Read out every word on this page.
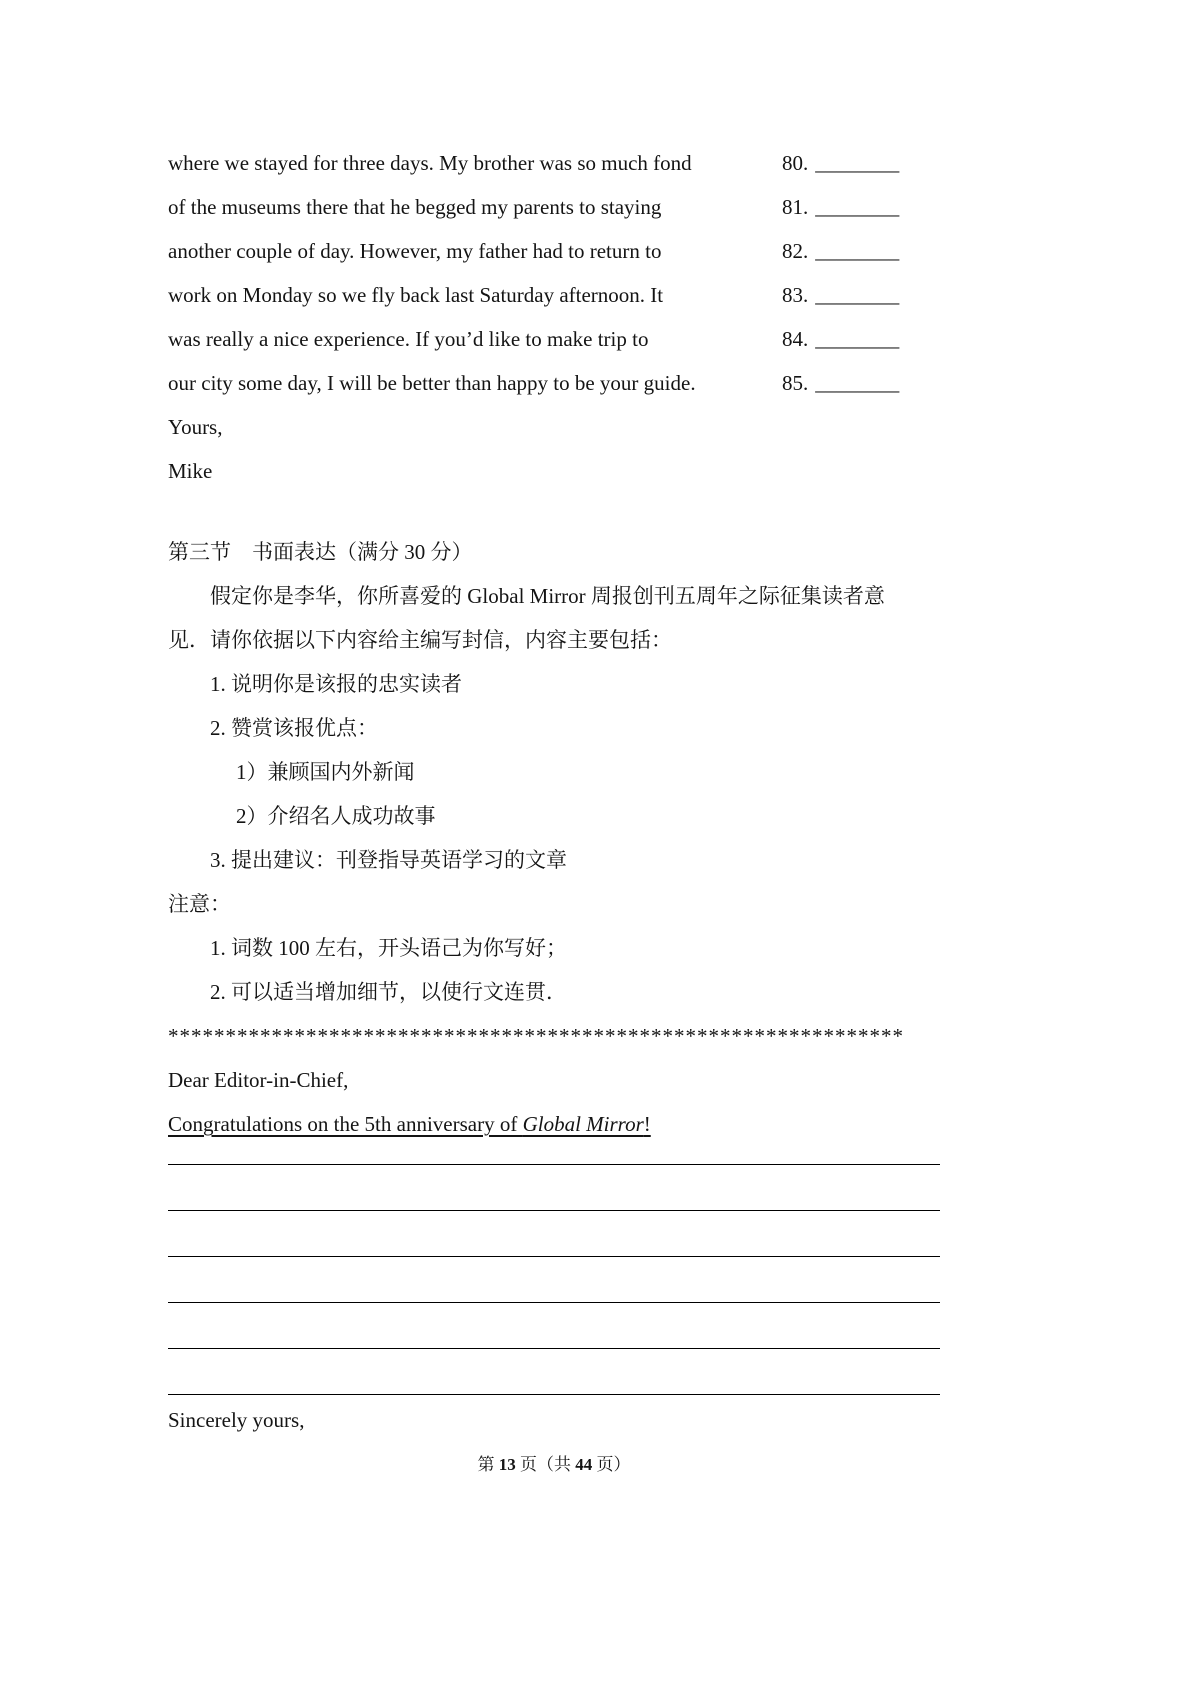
where we stayed for three days. My brother was so much fond	80. ________
of the museums there that he begged my parents to staying	81. ________
another couple of day. However, my father had to return to	82. ________
work on Monday so we fly back last Saturday afternoon. It	83. ________
was really a nice experience. If you’d like to make trip to	84. ________
our city some day, I will be better than happy to be your guide.	85. ________
Yours,
Mike
第三节　书面表达（满分 30 分）
假定你是李华，你所喜爱的 Global Mirror 周报创刊五周年之际征集读者意
见．请你依据以下内容给主编写封信，内容主要包括：
1. 说明你是该报的忠实读者
2. 赞赏该报优点：
1）兼顾国内外新闻
2）介绍名人成功故事
3. 提出建议：刊登指导英语学习的文章
注意：
1. 词数 100 左右，开头语己为你写好；
2. 可以适当增加细节，以使行文连贯．
****************************************************************
Dear Editor-in-Chief,
Congratulations on the 5th anniversary of Global Mirror!
Sincerely yours,
第 13 页（共 44 页）
